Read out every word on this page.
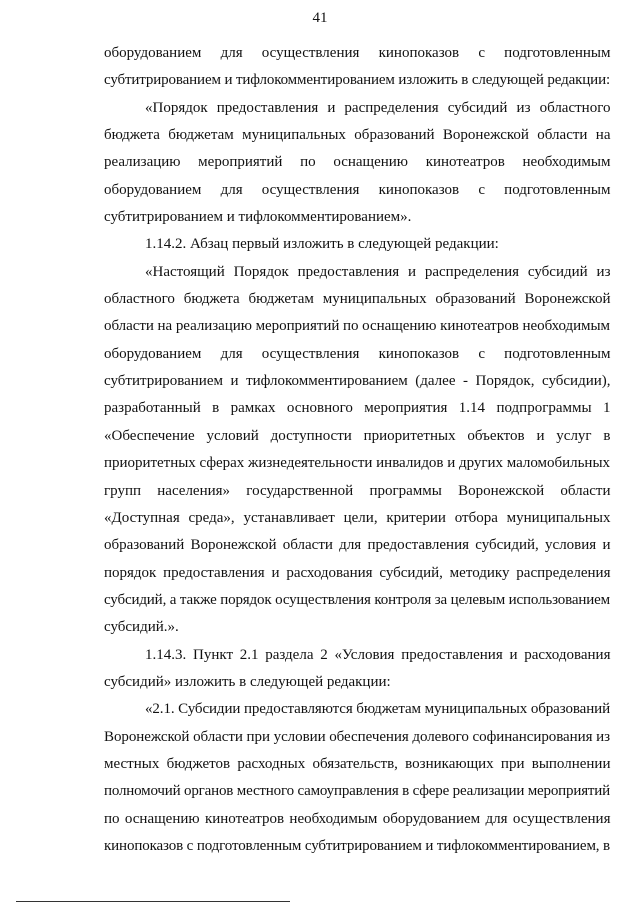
41
оборудованием для осуществления кинопоказов с подготовленным
субтитрированием и тифлокомментированием изложить в следующей редакции:
«Порядок предоставления и распределения субсидий из областного
бюджета бюджетам муниципальных образований Воронежской области на
реализацию мероприятий по оснащению кинотеатров необходимым
оборудованием для осуществления кинопоказов с подготовленным
субтитрированием и тифлокомментированием».
1.14.2. Абзац первый изложить в следующей редакции:
«Настоящий Порядок предоставления и распределения субсидий из
областного бюджета бюджетам муниципальных образований Воронежской
области на реализацию мероприятий по оснащению кинотеатров необходимым
оборудованием для осуществления кинопоказов с подготовленным
субтитрированием и тифлокомментированием (далее - Порядок, субсидии),
разработанный в рамках основного мероприятия 1.14 подпрограммы 1
«Обеспечение условий доступности приоритетных объектов и услуг в
приоритетных сферах жизнедеятельности инвалидов и других маломобильных
групп населения» государственной программы Воронежской области
«Доступная среда», устанавливает цели, критерии отбора муниципальных
образований Воронежской области для предоставления субсидий, условия и
порядок предоставления и расходования субсидий, методику распределения
субсидий, а также порядок осуществления контроля за целевым использованием
субсидий.».
1.14.3. Пункт 2.1 раздела 2 «Условия предоставления и расходования
субсидий» изложить в следующей редакции:
«2.1. Субсидии предоставляются бюджетам муниципальных образований
Воронежской области при условии обеспечения долевого софинансирования из
местных бюджетов расходных обязательств, возникающих при выполнении
полномочий органов местного самоуправления в сфере реализации мероприятий
по оснащению кинотеатров необходимым оборудованием для осуществления
кинопоказов с подготовленным субтитрированием и тифлокомментированием, в
